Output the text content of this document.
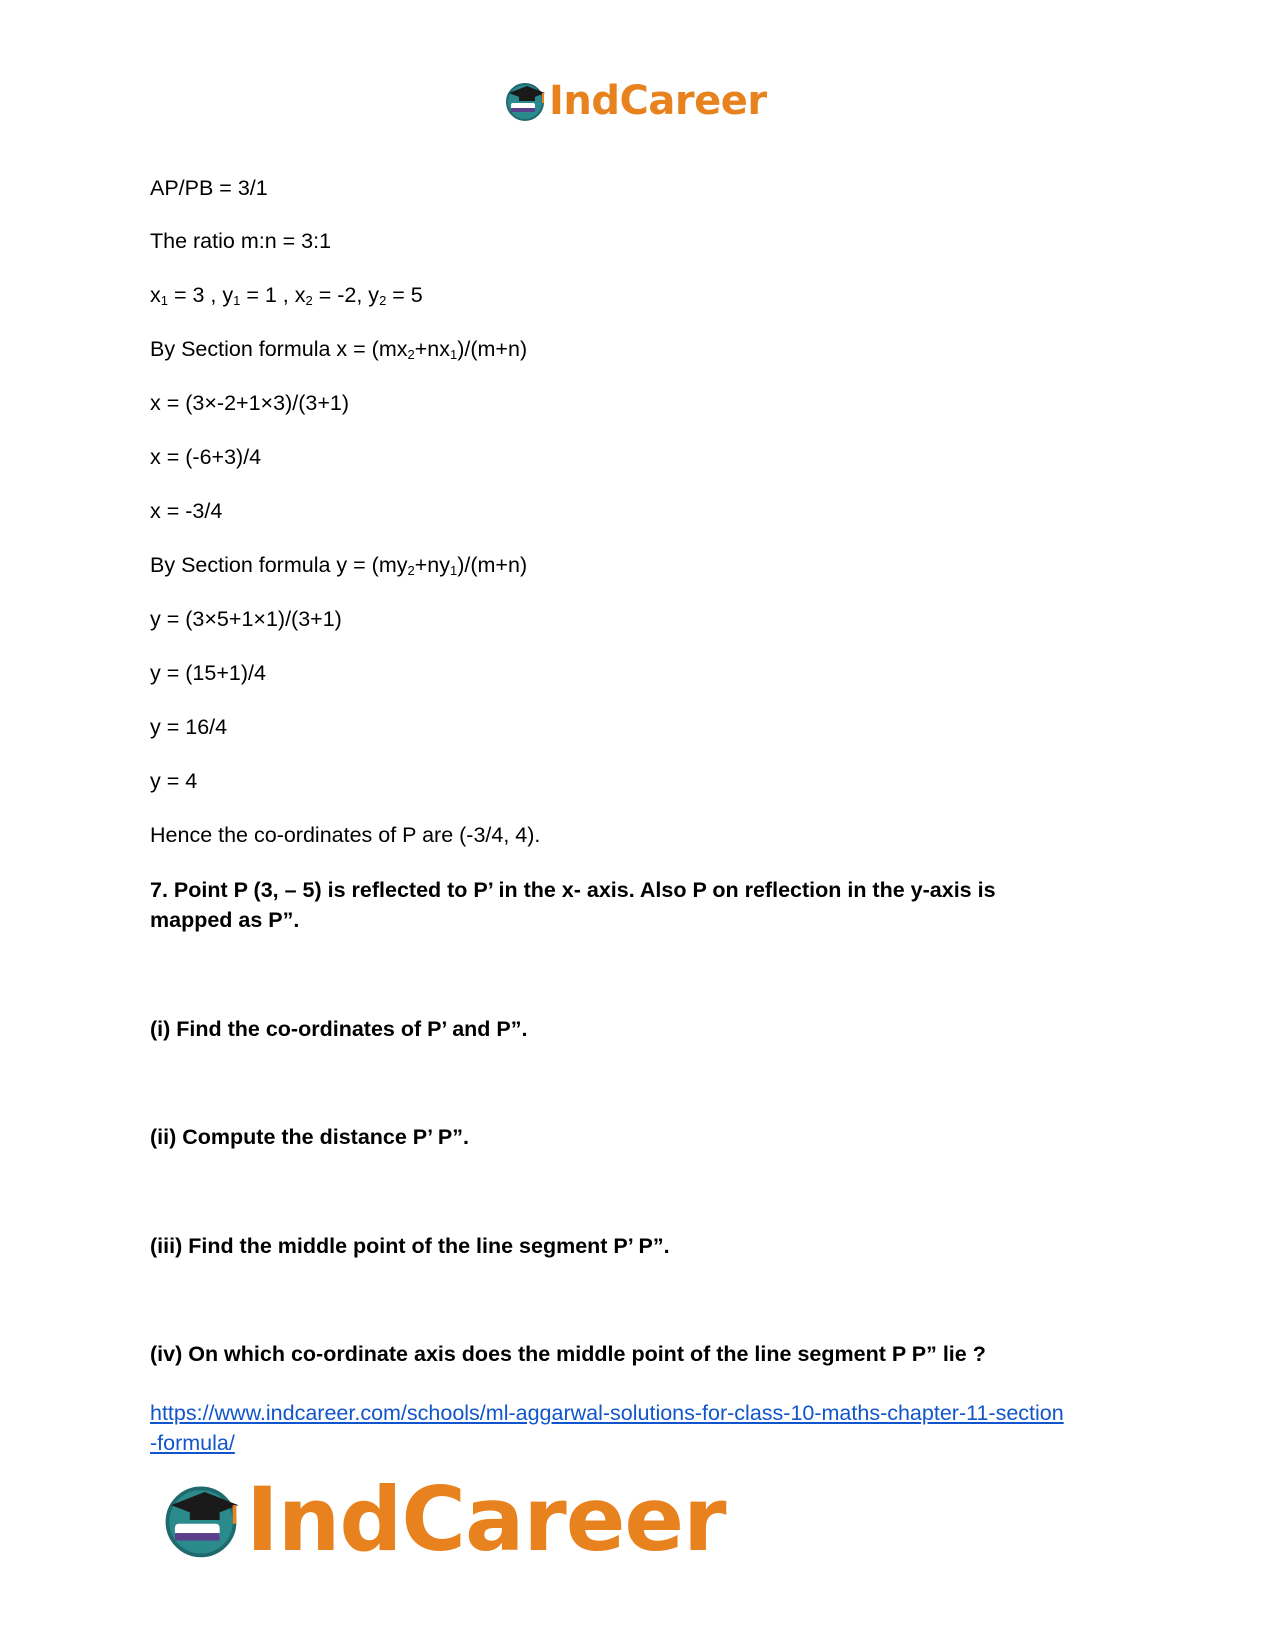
IndCareer
AP/PB = 3/1
The ratio m:n = 3:1
$x_1 = 3$ , $y_1 = 1$ , $x_2 = -2$, $y_2 = 5$
By Section formula $x = (mx_2+nx_1)/(m+n)$
x = (3×-2+1×3)/(3+1)
x = (-6+3)/4
x = -3/4
By Section formula $y = (my_2+ny_1)/(m+n)$
y = (3×5+1×1)/(3+1)
y = (15+1)/4
y = 16/4
y = 4
Hence the co-ordinates of P are (-3/4, 4).
7. Point P (3, – 5) is reflected to P’ in the x- axis. Also P on reflection in the y-axis is
mapped as P”.
(i) Find the co-ordinates of P’ and P”.
(ii) Compute the distance P’ P”.
(iii) Find the middle point of the line segment P’ P”.
(iv) On which co-ordinate axis does the middle point of the line segment P P” lie ?
https://www.indcareer.com/schools/ml-aggarwal-solutions-for-class-10-maths-chapter-11-section
-formula/
IndCareer
